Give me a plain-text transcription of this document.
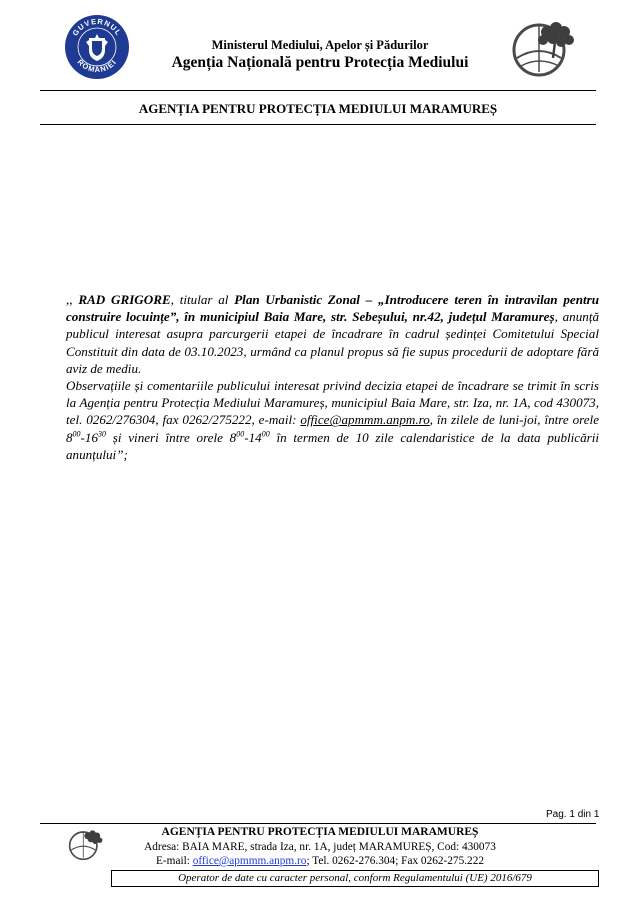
GUVERNUL
ROMÂNIEI
Ministerul Mediului, Apelor și Pădurilor
Agenția Națională pentru Protecția Mediului
AGENȚIA PENTRU PROTECȚIA MEDIULUI MARAMUREȘ

,, RAD GRIGORE, titular al Plan Urbanistic Zonal – „Introducere teren în intravilan pentru construire locuințe”, în municipiul Baia Mare, str. Sebeșului, nr.42, județul Maramureș, anunță publicul interesat asupra parcurgerii etapei de încadrare în cadrul ședinței Comitetului Special Constituit din data de 03.10.2023, urmând ca planul propus să fie supus procedurii de adoptare fără aviz de mediu.

Observațiile și comentariile publicului interesat privind decizia etapei de încadrare se trimit în scris la Agenția pentru Protecția Mediului Maramureș, municipiul Baia Mare, str. Iza, nr. 1A, cod 430073, tel. 0262/276304, fax 0262/275222, e-mail: office@apmmm.anpm.ro, în zilele de luni-joi, între orele $8^{00}-16^{30}$ și vineri între orele $8^{00}-14^{00}$ în termen de 10 zile calendaristice de la data publicării anunțului”;

Pag. 1 din 1
AGENȚIA PENTRU PROTECȚIA MEDIULUI MARAMUREȘ
Adresa: BAIA MARE, strada Iza, nr. 1A, județ MARAMUREȘ, Cod: 430073
E-mail: office@apmmm.anpm.ro; Tel. 0262-276.304; Fax 0262-275.222
Operator de date cu caracter personal, conform Regulamentului (UE) 2016/679
